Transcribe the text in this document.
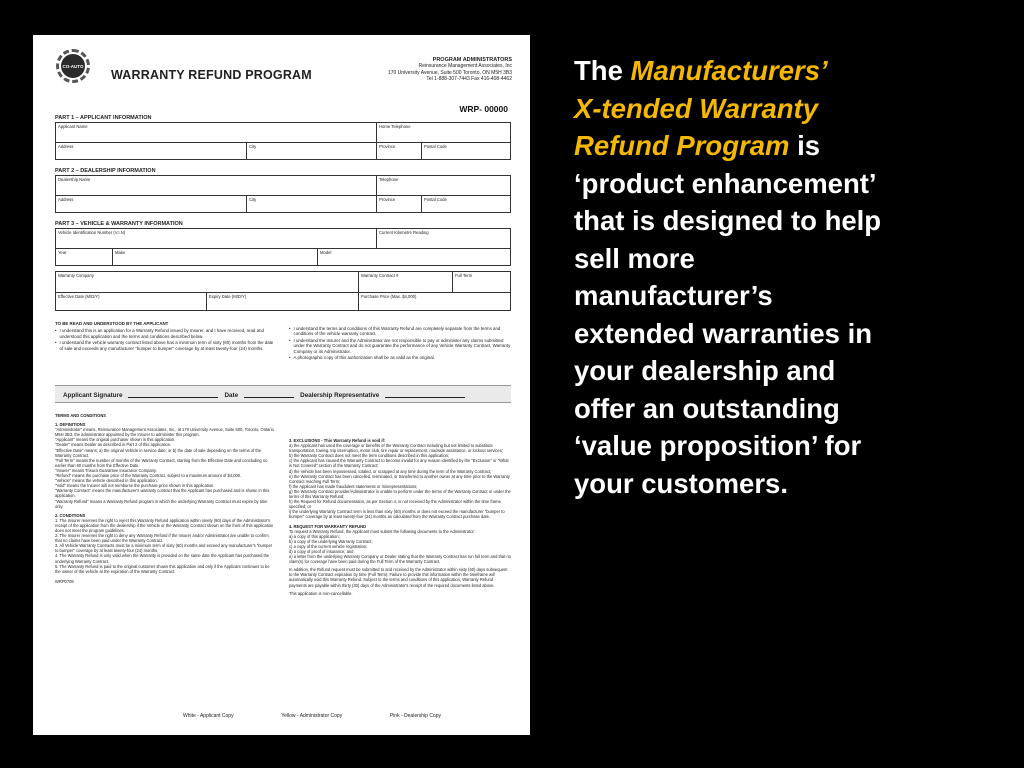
CO-AUTO
WARRANTY REFUND PROGRAM
PROGRAM ADMINISTRATORS
Reinsurance Management Associates, Inc
170 University Avenue, Suite 500 Toronto, ON M5H 3B3
Tel 1-888-307-7443 Fax 416-408-4462
WRP- 00000
PART 1 – APPLICANT INFORMATION
Applicant Name	Home Telephone
Address	City	Province	Postal Code
PART 2 – DEALERSHIP INFORMATION
Dealership Name	Telephone
Address	City	Province	Postal Code
PART 3 – VEHICLE & WARRANTY INFORMATION
Vehicle Identification Number (V.I.N)	Current Kilometre Reading
Year	Make	Model
Warranty Company	Warranty Contract #	Full Term
Effective Date (M/D/Y)	Expiry Date (M/D/Y)	Purchase Price (Max. $4,000)
TO BE READ AND UNDERSTOOD BY THE APPLICANT
• I understand this is an application for a Warranty Refund issued by Insurer, and I have received, read and understood this application and the terms and conditions described below.
• I understand the vehicle warranty contract listed above has a minimum term of sixty (60) months from the date of sale and exceeds any manufacturer "bumper to bumper" coverage by at least twenty-four (24) months.
• I understand the terms and conditions of this Warranty Refund are completely separate from the terms and conditions of the vehicle warranty contract.
• I understand the Insurer and the Administrator are not responsible to pay or administer any claims submitted under the Warranty Contract and do not guarantee the performance of any Vehicle Warranty Contract, Warranty Company or its Administrator.
• A photographic copy of this authorization shall be as valid as the original.
Applicant Signature	Date	Dealership Representative
TERMS AND CONDITIONS
1. DEFINITIONS
"Administrator" means, Reinsurance Management Associates, Inc., at 170 University Avenue, Suite 500, Toronto, Ontario M5H 3B3, the administrator appointed by the Insurer to administer this program.
"Applicant" means the original purchaser shown in this application.
"Dealer" means Dealer as described in Part 2 of this application.
"Effective Date" means; a) the original Vehicle in service date; or b) the date of sale depending on the terms of the Warranty Contract.
"Full Term" means the number of months of the Warranty Contract, starting from the Effective Date and concluding no earlier than 60 months from the Effective Date.
"Insurer" means Trisura Guarantee Insurance Company.
"Refund" means the purchase price of the Warranty Contract, subject to a maximum amount of $4,000.
"Vehicle" means the vehicle described in this application.
"Void" means the Insurer will not reimburse the purchase price shown in this application.
"Warranty Contract" means the manufacturer's warranty contract that the Applicant has purchased and is shown in this application.
"Warranty Refund" means a Warranty Refund program in which the underlying Warranty Contract must expire by time only.
2. CONDITIONS
1. The Insurer reserves the right to reject this Warranty Refund application within ninety (90) days of the Administrator's receipt of the application from the dealership if the Vehicle or the Warranty Contract shown on the front of this application does not meet the program guidelines.
2. The Insurer reserves the right to deny any Warranty Refund if the Insurer and/or Administrator are unable to confirm that no claims have been paid under the Warranty Contract.
3. All Vehicle Warranty Contracts must be a minimum term of sixty (60) months and exceed any manufacturer's "bumper to bumper" coverage by at least twenty-four (24) months.
4. The Warranty Refund is only valid when the Warranty is provided on the same date the Applicant has purchased the underlying Warranty Contract.
5. The Warranty Refund is paid to the original customer shown this application and only if the Applicant continues to be the owner of the vehicle at the expiration of the Warranty Contract.
WRP0708
3. EXCLUSIONS - This Warranty Refund is void if:
a) the Applicant has used the coverage or benefits of the Warranty Contract including but not limited to substitute transportation, towing, trip interruption, motor club, tire repair or replacement, roadside assistance, or lockout services;
b) the Warranty Contract does not meet the term conditions described in this application;
c) the Applicant has caused the Warranty Contract to become invalid for any reason identified by the "Exclusion" or "What is Not Covered" section of the Warranty Contract;
d) the Vehicle has been repossessed, totaled, or scrapped at any time during the term of the Warranty Contract;
e) the Warranty Contract has been cancelled, terminated, or transferred to another owner at any time prior to the Warranty Contract reaching Full Term;
f) the Applicant has made fraudulent statements or misrepresentations;
g) the Warranty Contract provider/Administrator is unable to perform under the terms of the Warranty Contract or under the terms of this Warranty Refund;
h) the Request for Refund documentation, as per Section 4, is not received by the Administrator within the time frame specified; or
i) the underlying Warranty Contract term is less than sixty (60) months or does not exceed the manufacturer "bumper to bumper" coverage by at least twenty-four (24) months as calculated from the Warranty Contract purchase date.
4. REQUEST FOR WARRANTY REFUND
To request a Warranty Refund, the Applicant must submit the following documents to the Administrator:
a) a copy of this application;
b) a copy of the underlying Warranty Contract;
c) a copy of the current vehicle registration;
d) a copy of proof of insurance; and
e) a letter from the underlying Warranty Company or Dealer stating that the Warranty Contract has run full term and that no claim(s) for coverage have been paid during the Full Term of the Warranty Contract.
In addition, the Refund request must be submitted to and received by the Administrator within sixty (60) days subsequent to the Warranty Contract expiration by time (Full Term). Failure to provide this information within the timeframe will automatically void this Warranty Refund. Subject to the terms and conditions of this application, Warranty Refund payments are payable within thirty (30) days of the Administrator's receipt of the required documents listed above.
This application is non-cancellable.
White - Applicant Copy	Yellow - Administrator Copy	Pink - Dealership Copy
The Manufacturers’
X-tended Warranty
Refund Program is
‘product enhancement’
that is designed to help
sell more
manufacturer’s
extended warranties in
your dealership and
offer an outstanding
‘value proposition’ for
your customers.
